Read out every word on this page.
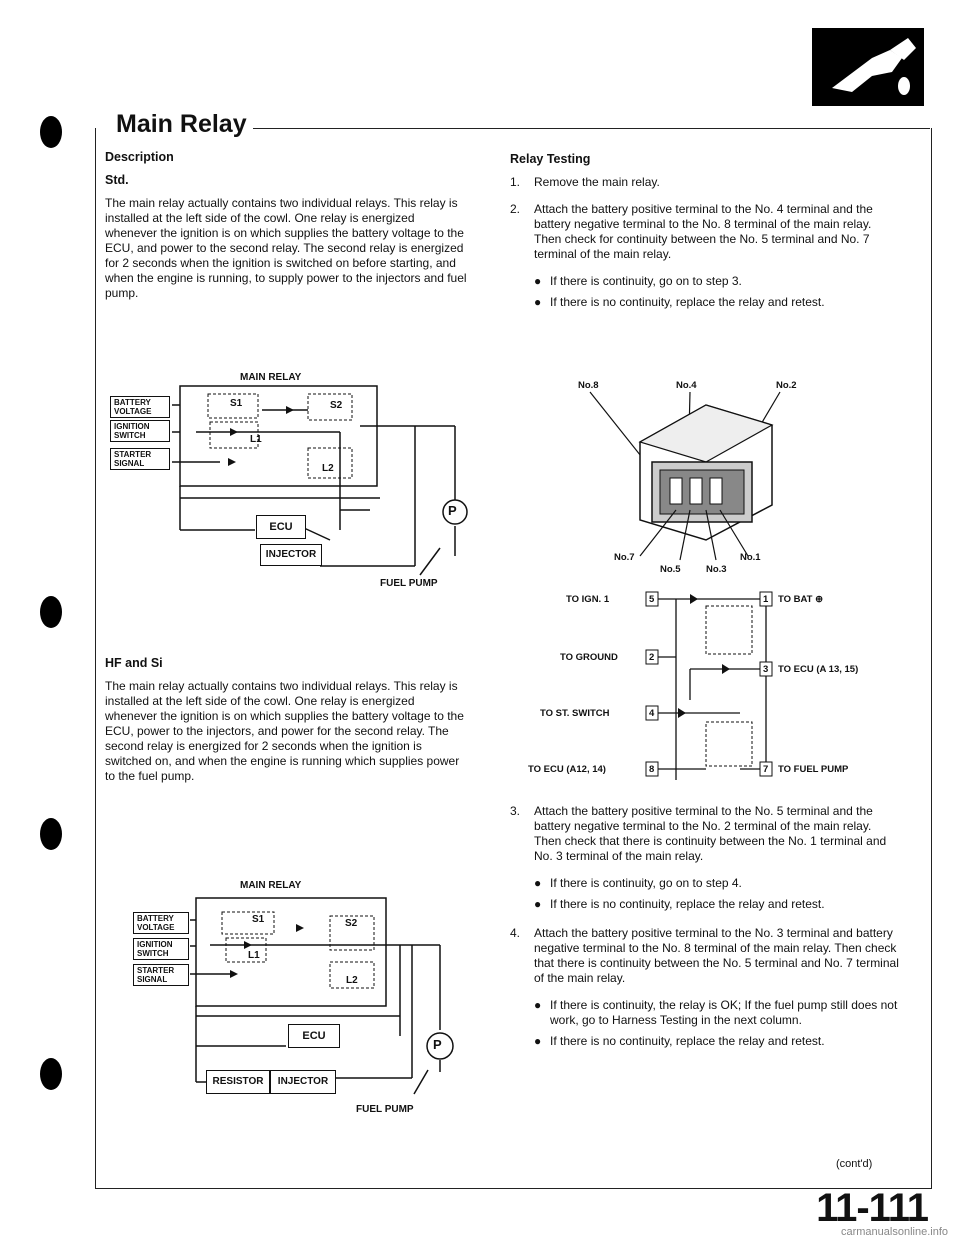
Main Relay
Description
Std.

The main relay actually contains two individual relays. This relay is installed at the left side of the cowl. One relay is energized whenever the ignition is on which supplies the battery voltage to the ECU, and power to the second relay. The second relay is energized for 2 seconds when the ignition is switched on before starting, and when the engine is running, to supply power to the injectors and fuel pump.

MAIN RELAY
BATTERY VOLTAGE
IGNITION SWITCH
STARTER SIGNAL
S1	S2
L1
L2
ECU
INJECTOR
P
FUEL PUMP
HF and Si

The main relay actually contains two individual relays. This relay is installed at the left side of the cowl. One relay is energized whenever the ignition is on which supplies the battery voltage to the ECU, power to the injectors, and power for the second relay. The second relay is energized for 2 seconds when the ignition is switched on, and when the engine is running which supplies power to the fuel pump.

MAIN RELAY
BATTERY VOLTAGE
IGNITION SWITCH
STARTER SIGNAL
S1	S2
L1
L2
ECU
RESISTOR	INJECTOR
P
FUEL PUMP
Relay Testing
1.	Remove the main relay.
2.	Attach the battery positive terminal to the No. 4 terminal and the battery negative terminal to the No. 8 terminal of the main relay. Then check for continuity between the No. 5 terminal and No. 7 terminal of the main relay.
● If there is continuity, go on to step 3.
● If there is no continuity, replace the relay and retest.
No.8	No.4	No.2
No.7
No.5	No.3
No.1
TO IGN. 1
TO GROUND
TO ST. SWITCH
TO ECU (A12, 14)
TO BAT ⊕
TO ECU (A 13, 15)
TO FUEL PUMP
5
2
4
8
1
3
7
3.	Attach the battery positive terminal to the No. 5 terminal and the battery negative terminal to the No. 2 terminal of the main relay. Then check that there is continuity between the No. 1 terminal and No. 3 terminal of the main relay.
● If there is continuity, go on to step 4.
● If there is no continuity, replace the relay and retest.
4.	Attach the battery positive terminal to the No. 3 terminal and battery negative terminal to the No. 8 terminal of the main relay. Then check that there is continuity between the No. 5 terminal and No. 7 terminal of the main relay.
● If there is continuity, the relay is OK; If the fuel pump still does not work, go to Harness Testing in the next column.
● If there is no continuity, replace the relay and retest.
(cont'd)
11-111
carmanualsonline.info
